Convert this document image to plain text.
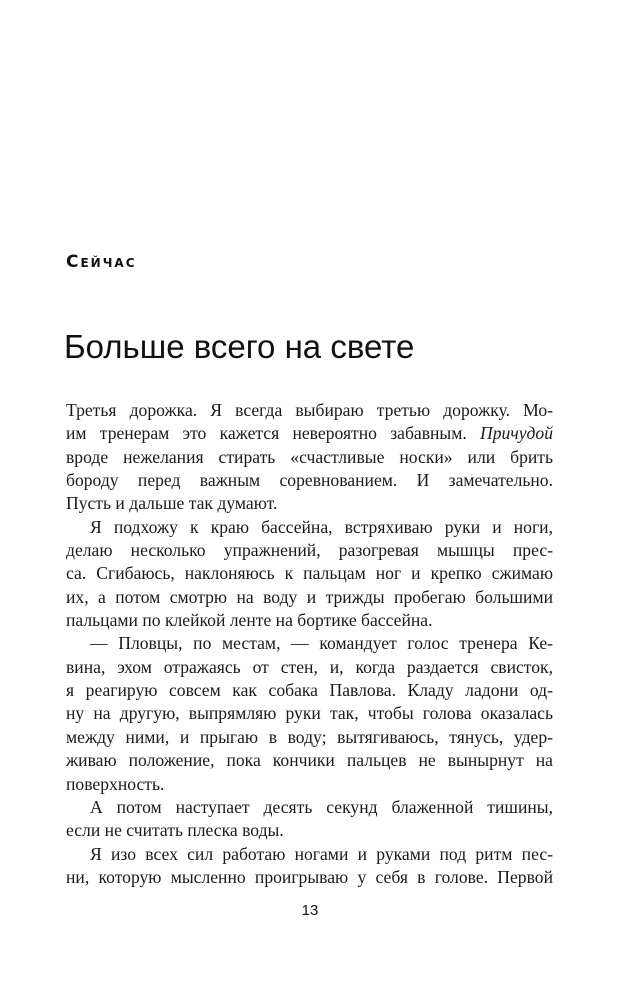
Сейчас
Больше всего на свете
Третья дорожка. Я всегда выбираю третью дорожку. Мо-
им тренерам это кажется невероятно забавным. Причудой
вроде нежелания стирать «счастливые носки» или брить
бороду перед важным соревнованием. И замечательно.
Пусть и дальше так думают.
Я подхожу к краю бассейна, встряхиваю руки и ноги,
делаю несколько упражнений, разогревая мышцы прес-
са. Сгибаюсь, наклоняюсь к пальцам ног и крепко сжимаю
их, а потом смотрю на воду и трижды пробегаю большими
пальцами по клейкой ленте на бортике бассейна.
— Пловцы, по местам, — командует голос тренера Ке-
вина, эхом отражаясь от стен, и, когда раздается свисток,
я реагирую совсем как собака Павлова. Кладу ладони од-
ну на другую, выпрямляю руки так, чтобы голова оказалась
между ними, и прыгаю в воду; вытягиваюсь, тянусь, удер-
живаю положение, пока кончики пальцев не вынырнут на
поверхность.
А потом наступает десять секунд блаженной тишины,
если не считать плеска воды.
Я изо всех сил работаю ногами и руками под ритм пес-
ни, которую мысленно проигрываю у себя в голове. Первой
13
